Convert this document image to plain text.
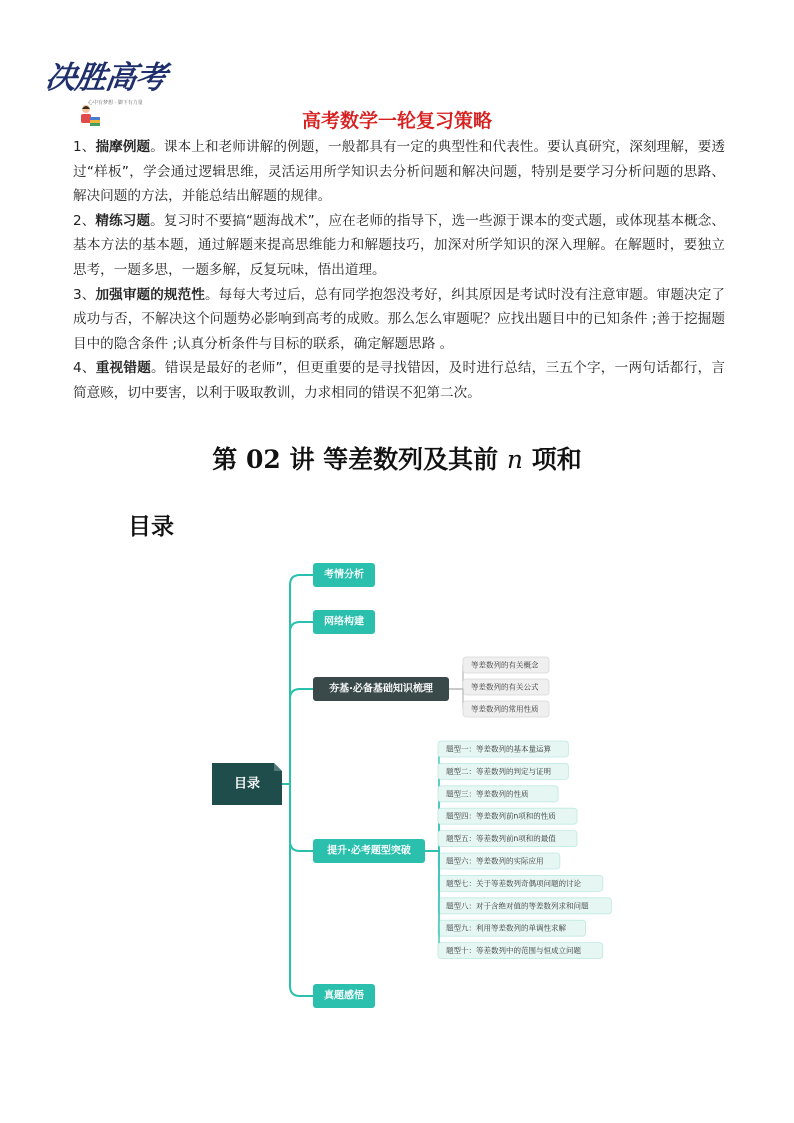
决胜高考
心中有梦想 · 脚下有力量
高考数学一轮复习策略

1、揣摩例题。课本上和老师讲解的例题，一般都具有一定的典型性和代表性。要认真研究，深刻理解，要透过“样板”，学会通过逻辑思维，灵活运用所学知识去分析问题和解决问题，特别是要学习分析问题的思路、解决问题的方法，并能总结出解题的规律。

2、精练习题。复习时不要搞“题海战术”，应在老师的指导下，选一些源于课本的变式题，或体现基本概念、基本方法的基本题，通过解题来提高思维能力和解题技巧，加深对所学知识的深入理解。在解题时，要独立思考，一题多思，一题多解，反复玩味，悟出道理。

3、加强审题的规范性。每每大考过后，总有同学抱怨没考好，纠其原因是考试时没有注意审题。审题决定了成功与否，不解决这个问题势必影响到高考的成败。那么怎么审题呢？应找出题目中的已知条件 ;善于挖掘题目中的隐含条件 ;认真分析条件与目标的联系，确定解题思路 。

4、重视错题。错误是最好的老师”，但更重要的是寻找错因，及时进行总结，三五个字，一两句话都行，言简意赅，切中要害，以利于吸取教训，力求相同的错误不犯第二次。

第 02 讲 等差数列及其前 n 项和
目录
目录
考情分析
网络构建
夯基·必备基础知识梳理
等差数列的有关概念
等差数列的有关公式
等差数列的常用性质
提升·必考题型突破
题型一：等差数列的基本量运算
题型二：等差数列的判定与证明
题型三：等差数列的性质
题型四：等差数列前n项和的性质
题型五：等差数列前n项和的最值
题型六：等差数列的实际应用
题型七：关于等差数列奇偶项问题的讨论
题型八：对于含绝对值的等差数列求和问题
题型九：利用等差数列的单调性求解
题型十：等差数列中的范围与恒成立问题
真题感悟
